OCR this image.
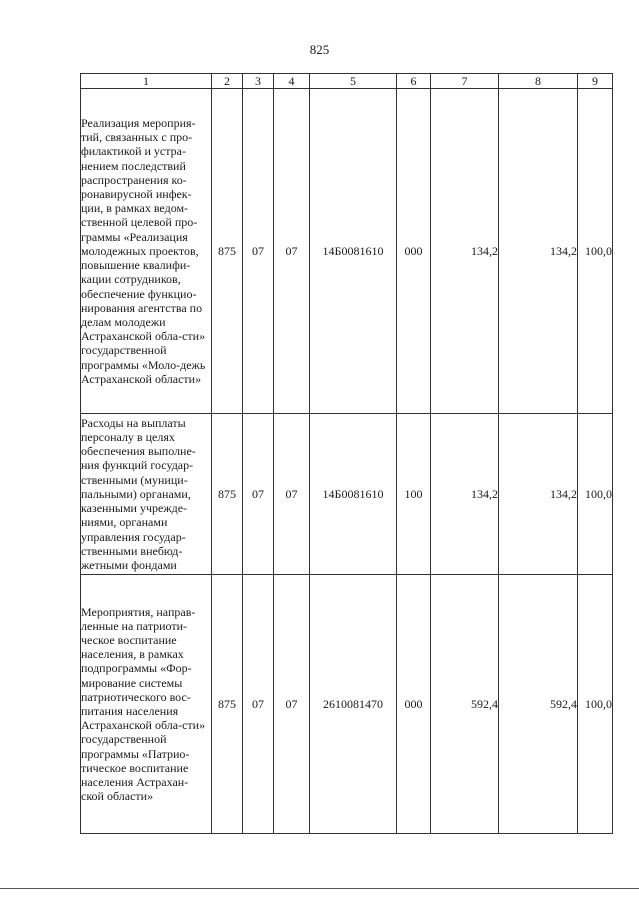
825
1	2	3	4	5	6	7	8	9
Реализация мероприя-тий, связанных с про-филактикой и устра-нением последствий распространения ко-ронавирусной инфек-ции, в рамках ведом-ственной целевой про-граммы «Реализация молодежных проектов, повышение квалифи-кации сотрудников, обеспечение функцио-нирования агентства по делам молодежи Астраханской обла-сти» государственной программы «Моло-дежь Астраханской области»	875	07	07	14Б0081610	000	134,2	134,2	100,0
Расходы на выплаты персоналу в целях обеспечения выполне-ния функций государ-ственными (муници-пальными) органами, казенными учрежде-ниями, органами управления государ-ственными внебюд-жетными фондами	875	07	07	14Б0081610	100	134,2	134,2	100,0
Мероприятия, направ-ленные на патриоти-ческое воспитание населения, в рамках подпрограммы «Фор-мирование системы патриотического вос-питания населения Астраханской обла-сти» государственной программы «Патрио-тическое воспитание населения Астрахан-ской области»	875	07	07	2610081470	000	592,4	592,4	100,0
